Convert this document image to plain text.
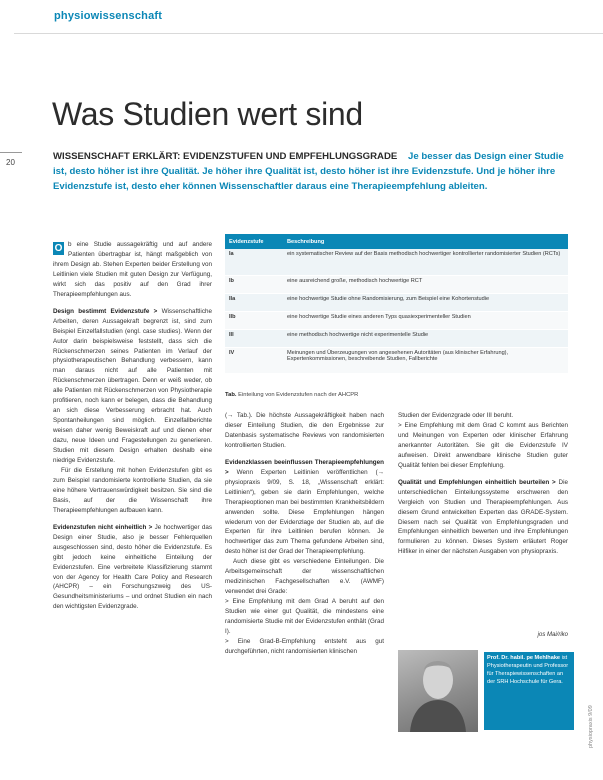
physiowissenschaft
20
Was Studien wert sind
WISSENSCHAFT ERKLÄRT: EVIDENZSTUFEN UND EMPFEHLUNGSGRADE Je besser das Design einer Studie ist, desto höher ist ihre Qualität. Je höher ihre Qualität ist, desto höher ist ihre Evidenzstufe. Und je höher ihre Evidenzstufe ist, desto eher können Wissenschaftler daraus eine Therapieempfehlung ableiten.

O b eine Studie aussagekräftig und auf andere Patienten übertragbar ist, hängt maßgeblich von ihrem Design ab. Stehen Experten beider Erstellung von Leitlinien viele Studien mit guten Design zur Verfügung, wirkt sich das positiv auf den Grad ihrer Therapieempfehlungen aus.

Design bestimmt Evidenzstufe > Wissenschaftliche Arbeiten, deren Aussagekraft begrenzt ist, sind zum Beispiel Einzelfallstudien (engl. case studies). Wenn der Autor darin beispielsweise feststellt, dass sich die Rückenschmerzen seines Patienten im Verlauf der physiotherapeutischen Behandlung verbessern, kann man daraus nicht auf alle Patienten mit Rückenschmerzen übertragen. Denn er weiß weder, ob alle Patienten mit Rückenschmerzen von Physiotherapie profitieren, noch kann er belegen, dass die Behandlung an sich diese Verbesserung erbracht hat. Auch Spontanheilungen sind möglich. Einzelfallberichte weisen daher wenig Beweiskraft auf und dienen eher dazu, neue Ideen und Fragestellungen zu generieren. Studien mit diesem Design erhalten deshalb eine niedrige Evidenzstufe.

Für die Erstellung mit hohen Evidenzstufen gibt es zum Beispiel randomisierte kontrollierte Studien, da sie eine höhere Vertrauenswürdigkeit besitzen. Sie sind die Basis, auf der die Wissenschaft ihre Therapieempfehlungen aufbauen kann.

Evidenzstufen nicht einheitlich > Je hochwertiger das Design einer Studie, also je besser Fehlerquellen ausgeschlossen sind, desto höher die Evidenzstufe. Es gibt jedoch keine einheitliche Einteilung der Evidenzstufen. Eine verbreitete Klassifizierung stammt von der Agency for Health Care Policy and Research (AHCPR) – ein Forschungszweig des US-Gesundheitsministeriums – und ordnet Studien ein nach den wichtigsten Evidenzgrade.

Evidenzstufe	Beschreibung
Ia	ein systematischer Review auf der Basis methodisch hochwertiger kontrollierter randomisierter Studien (RCTs)
Ib	eine ausreichend große, methodisch hochwertige RCT
IIa	eine hochwertige Studie ohne Randomisierung, zum Beispiel eine Kohortenstudie
IIb	eine hochwertige Studie eines anderen Typs quasiexperimenteller Studien
III	eine methodisch hochwertige nicht experimentelle Studie
IV	Meinungen und Überzeugungen von angesehenen Autoritäten (aus klinischer Erfahrung), Expertenkommissionen, beschreibende Studien, Fallberichte
Tab. Einteilung von Evidenzstufen nach der AHCPR

(→ Tab.). Die höchste Aussagekräftigkeit haben nach dieser Einteilung Studien, die den Ergebnisse zur Datenbasis systematische Reviews von randomisierten kontrollierten Studien.

Evidenzklassen beeinflussen Therapieempfehlungen > Wenn Experten Leitlinien veröffentlichen (→ physiopraxis 9/09, S. 18, „Wissenschaft erklärt: Leitlinien“), geben sie darin Empfehlungen, welche Therapieoptionen man bei bestimmten Krankheitsbildern anwenden sollte. Diese Empfehlungen hängen wiederum von der Evidenzlage der Studien ab, auf die Experten für ihre Leitlinien berufen können. Je hochwertiger das zum Thema gefundene Arbeiten sind, desto höher ist der Grad der Therapieempfehlung.

Auch diese gibt es verschiedene Einteilungen. Die Arbeitsgemeinschaft der wissenschaftlichen medizinischen Fachgesellschaften e.V. (AWMF) verwendet drei Grade:

> Eine Empfehlung mit dem Grad A beruht auf den Studien wie einer gut Qualität, die mindestens eine randomisierte Studie mit der Evidenzstufen enthält (Grad I).

> Eine Grad-B-Empfehlung entsteht aus gut durchgeführten, nicht randomisierten klinischen

Studien der Evidenzgrade oder III beruht.

> Eine Empfehlung mit dem Grad C kommt aus Berichten und Meinungen von Experten oder klinischer Erfahrung anerkannter Autoritäten. Sie gilt die Evidenzstufe IV aufweisen. Direkt anwendbare klinische Studien guter Qualität fehlen bei dieser Empfehlung.

Qualität und Empfehlungen einheitlich beurteilen > Die unterschiedlichen Einteilungssysteme erschweren den Vergleich von Studien und Therapieempfehlungen. Aus diesem Grund entwickelten Experten das GRADE-System. Diesem nach sei Qualität von Empfehlungsgraden und Empfehlungen einheitlich bewerten und ihre Empfehlungen formulieren zu können. Dieses System erläutert Roger Hilfiker in einer der nächsten Ausgaben von physiopraxis.

jos Mai/riko
Prof. Dr. habil. pe Mehlhake ist Physiotherapeutin und Professor für Therapiewissenschaften an der SRH Hochschule für Gera.
physiopraxis 9/09
